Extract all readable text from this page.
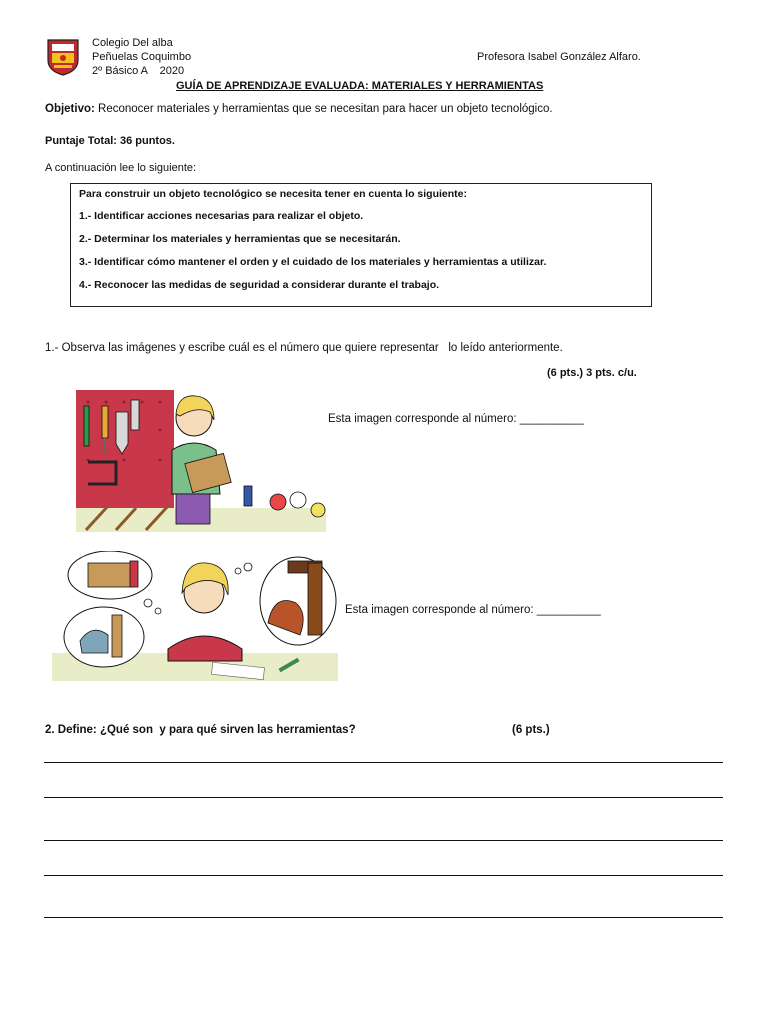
Colegio Del alba
Peñuelas Coquimbo
2º Básico A    2020
Profesora Isabel González Alfaro.
GUÍA DE APRENDIZAJE EVALUADA: MATERIALES Y HERRAMIENTAS
Objetivo: Reconocer materiales y herramientas que se necesitan para hacer un objeto tecnológico.
Puntaje Total: 36 puntos.
A continuación lee lo siguiente:
Para construir un objeto tecnológico se necesita tener en cuenta lo siguiente:
1.- Identificar acciones necesarias para realizar el objeto.
2.- Determinar los materiales y herramientas que se necesitarán.
3.- Identificar cómo mantener el orden y el cuidado de los materiales y herramientas a utilizar.
4.- Reconocer las medidas de seguridad a considerar durante el trabajo.
1.- Observa las imágenes y escribe cuál es el número que quiere representar   lo leído anteriormente.
(6 pts.) 3 pts. c/u.
Esta imagen corresponde al número: __________
Esta imagen corresponde al número: __________
2. Define: ¿Qué son  y para qué sirven las herramientas?	(6 pts.)
